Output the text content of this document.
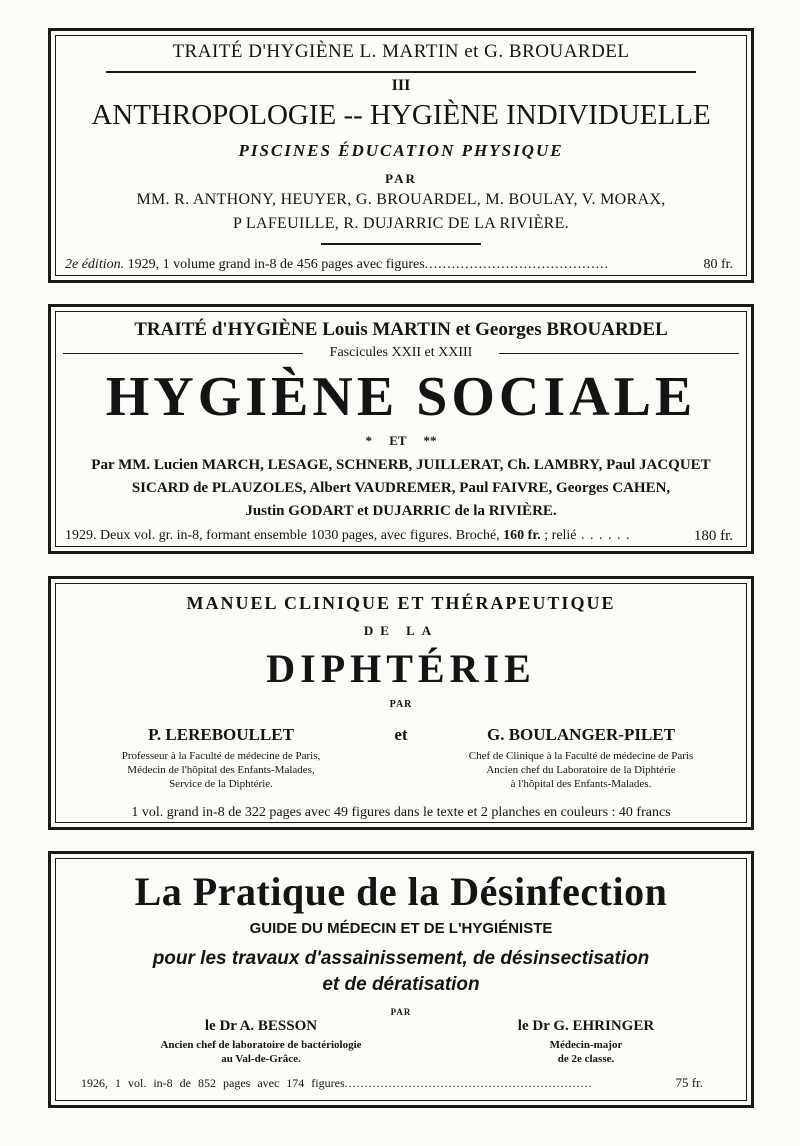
TRAITÉ D'HYGIÈNE L. MARTIN et G. BROUARDEL
III
ANTHROPOLOGIE -- HYGIÈNE INDIVIDUELLE
PISCINES ÉDUCATION PHYSIQUE
PAR
MM. R. ANTHONY, HEUYER, G. BROUARDEL, M. BOULAY, V. MORAX,
P LAFEUILLE, R. DUJARRIC DE LA RIVIÈRE.
2e édition. 1929, 1 volume grand in-8 de 456 pages avec figures.........................................	80 fr.
TRAITÉ d'HYGIÈNE Louis MARTIN et Georges BROUARDEL
Fascicules XXII et XXIII
HYGIÈNE SOCIALE
* ET **
Par MM. Lucien MARCH, LESAGE, SCHNERB, JUILLERAT, Ch. LAMBRY, Paul JACQUET
SICARD de PLAUZOLES, Albert VAUDREMER, Paul FAIVRE, Georges CAHEN,
Justin GODART et DUJARRIC de la RIVIÈRE.
1929. Deux vol. gr. in-8, formant ensemble 1030 pages, avec figures. Broché, 160 fr. ; relié . . . . . .	180 fr.
MANUEL CLINIQUE ET THÉRAPEUTIQUE
DE LA
DIPHTÉRIE
PAR
P. LEREBOULLET	et	G. BOULANGER-PILET
Professeur à la Faculté de médecine de Paris,
Médecin de l'hôpital des Enfants-Malades,
Service de la Diphtérie.
Chef de Clinique à la Faculté de médecine de Paris
Ancien chef du Laboratoire de la Diphtérie
à l'hôpital des Enfants-Malades.
1 vol. grand in-8 de 322 pages avec 49 figures dans le texte et 2 planches en couleurs : 40 francs
La Pratique de la Désinfection
GUIDE DU MÉDECIN ET DE L'HYGIÉNISTE
pour les travaux d'assainissement, de désinsectisation
et de dératisation
PAR
le Dr A. BESSON	le Dr G. EHRINGER
Ancien chef de laboratoire de bactériologie
au Val-de-Grâce.
Médecin-major
de 2e classe.
1926, 1 vol. in-8 de 852 pages avec 174 figures..............................................................	75 fr.
